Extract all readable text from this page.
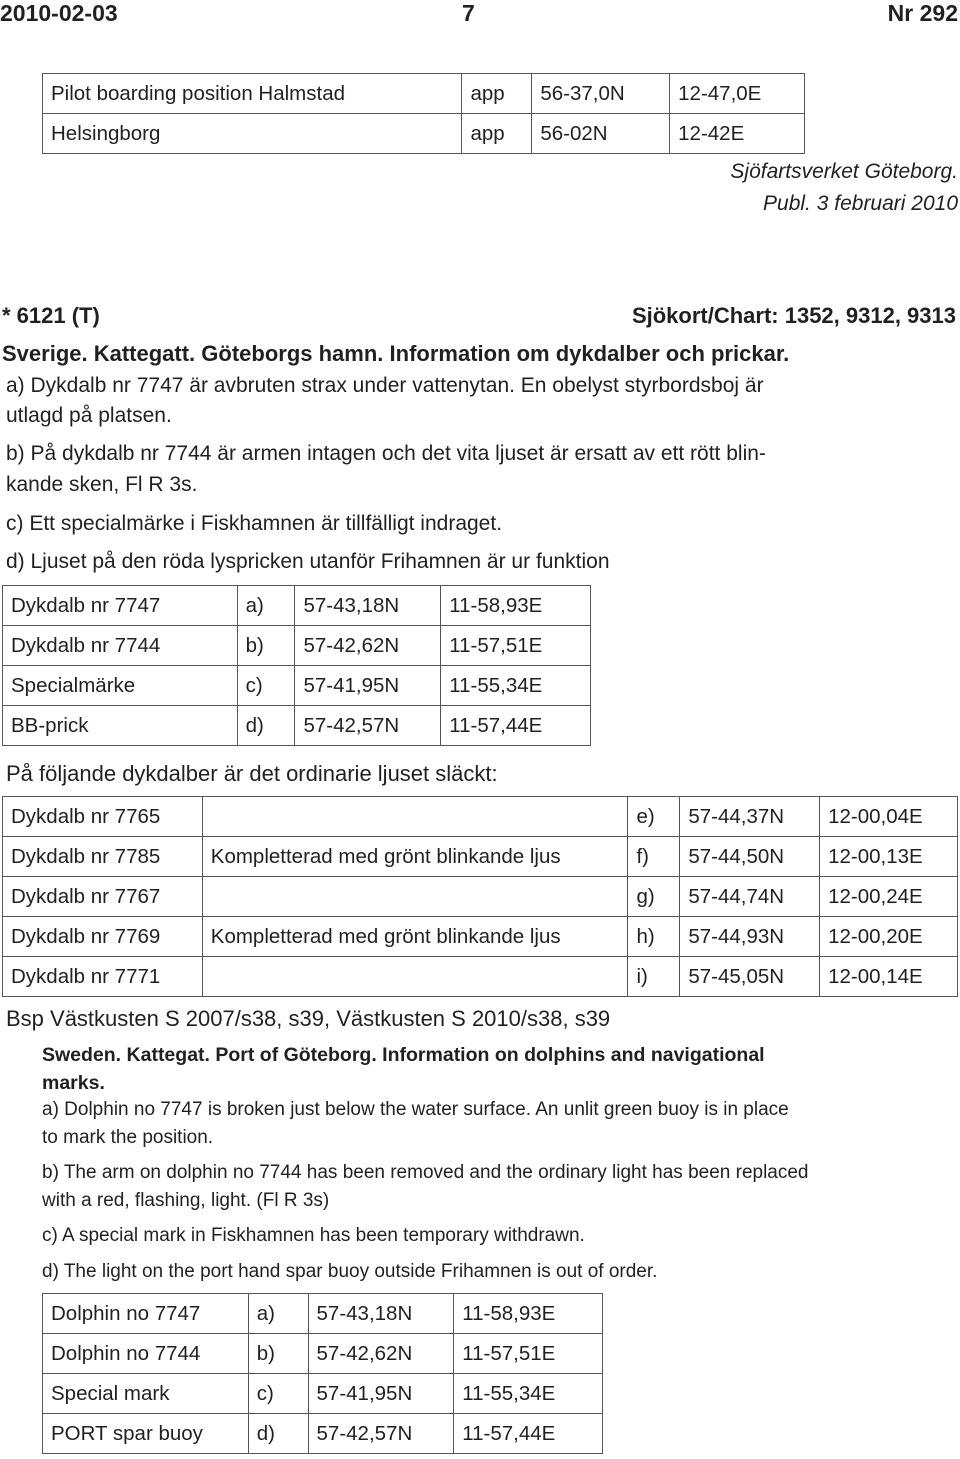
2010-02-03	7	Nr 292
Pilot boarding position Halmstad	app	56-37,0N	12-47,0E
Helsingborg	app	56-02N	12-42E
Sjöfartsverket Göteborg.
Publ. 3 februari 2010
* 6121 (T)	Sjökort/Chart: 1352, 9312, 9313
Sverige. Kattegatt. Göteborgs hamn. Information om dykdalber och prickar.
a) Dykdalb nr 7747 är avbruten strax under vattenytan. En obelyst styrbordsboj är
utlagd på platsen.
b) På dykdalb nr 7744 är armen intagen och det vita ljuset är ersatt av ett rött blin-
kande sken, Fl R 3s.
c) Ett specialmärke i Fiskhamnen är tillfälligt indraget.
d) Ljuset på den röda lyspricken utanför Frihamnen är ur funktion
Dykdalb nr 7747	a)	57-43,18N	11-58,93E
Dykdalb nr 7744	b)	57-42,62N	11-57,51E
Specialmärke	c)	57-41,95N	11-55,34E
BB-prick	d)	57-42,57N	11-57,44E
På följande dykdalber är det ordinarie ljuset släckt:
Dykdalb nr 7765		e)	57-44,37N	12-00,04E
Dykdalb nr 7785	Kompletterad med grönt blinkande ljus	f)	57-44,50N	12-00,13E
Dykdalb nr 7767		g)	57-44,74N	12-00,24E
Dykdalb nr 7769	Kompletterad med grönt blinkande ljus	h)	57-44,93N	12-00,20E
Dykdalb nr 7771		i)	57-45,05N	12-00,14E
Bsp Västkusten S 2007/s38, s39, Västkusten S 2010/s38, s39
Sweden. Kattegat. Port of Göteborg. Information on dolphins and navigational
marks.
a) Dolphin no 7747 is broken just below the water surface. An unlit green buoy is in place
to mark the position.
b) The arm on dolphin no 7744 has been removed and the ordinary light has been replaced
with a red, flashing, light. (Fl R 3s)
c) A special mark in Fiskhamnen has been temporary withdrawn.
d) The light on the port hand spar buoy outside Frihamnen is out of order.
Dolphin no 7747	a)	57-43,18N	11-58,93E
Dolphin no 7744	b)	57-42,62N	11-57,51E
Special mark	c)	57-41,95N	11-55,34E
PORT spar buoy	d)	57-42,57N	11-57,44E
